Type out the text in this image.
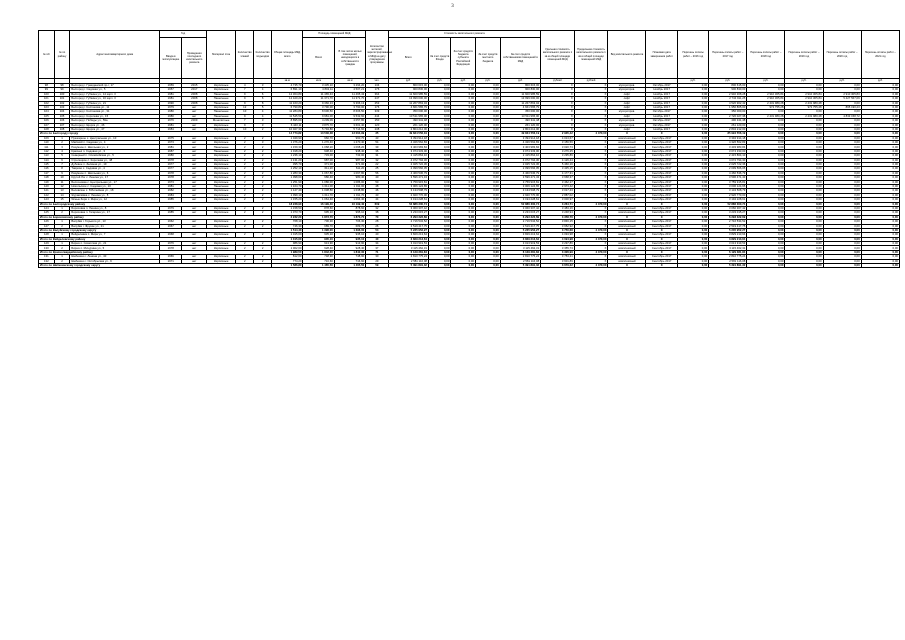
3
№ п/п	№ по району	Адрес многоквартирного дома	Год		Материал стен	Количество этажей	Количество подъездов	Общая площадь МКД, всего	Площадь помещений МКД		Количество жителей, зарегистрированных в МКД на дату утверждения программы	Стоимость капитального ремонта					Удельная стоимость капитального ремонта 1 кв.м общей площади помещений МКД	Предельная стоимость капитального ремонта 1 кв.м общей площади помещений МКД	Вид капитального ремонта	Плановая дата завершения работ	Перечень оплаты работ – 2016 год	Перечень оплаты работ – 2017 год	Перечень оплаты работ – 2018 год	Перечень оплаты работ – 2019 год	Перечень оплаты работ – 2020 год	Перечень оплаты работ – 2021 год
			Ввода в эксплуатацию	Проведения последнего капитального ремонта					Всего	В том числе жилых помещений, находящихся в собственности граждан		Всего	За счет средств Фонда	За счет средств бюджета субъекта Российской Федерации	За счет средств местного бюджета	За счет средств собственников помещений в МКД										
								кв.м	кв.м	кв.м	чел.	руб.	руб.	руб.	руб.	руб.	рублей	рублей			руб.	руб.	руб.	руб.	руб.	руб.
98	98	Белгород г. Гражданский пр-т, 17	1959	2015	Кирпичные	4	3	4 735,70	3 435,10	3 294,20	134	800 615,00	0,00	0,00	0,00	800 615,00	X	X	мусоропров.	Октябрь 2017	0,00	800 615,00	0,00	0,00	0,00	0,00
99	99	Белгород г. Садовая ул., 5	1957	2017	Кирпичные	7	4	6 891,10	4 802,11	4 507,21	176	900 830,00	0,00	0,00	0,00	900 830,00	X	X	мусоропров.	Ноябрь 2017	0,00	900 830,00	0,00	0,00	0,00	0,00
100	100	Белгород г. Губкина ул., 14 корп. 3	1981	2008	Панельные	9	6	12 304,80	11 465,43	11 465,43	364	11 600 985,59	0,00	0,00	0,00	11 600 985,59	X	X	лифт	Ноябрь 2017	0,00	2 940 308,28	2 910 305,84	2 910 305,84	2 910 305,83	0,00
101	101	Белгород г. Губкина ул., 16 корп. 3	1981	2008	Панельные	9	6	12 420,20	11 371,70	11 371,70	247	13 999 000,00	0,00	0,00	0,00	13 999 000,00	X	X	лифт	Ноябрь 2017	0,00	2 734 911,25	2 910 305,84	2 910 305,84	5 427 567,09	0,00
102	102	Белгород г. Губкина ул., 21	1990	2008	Панельные	9	8	11 163,20	9 366,13	9 366,13	253	11 267 863,04	0,00	0,00	0,00	11 267 863,04	X	X	лифт	Ноябрь 2017	0,00	4 520 902,42	2 431 980,28	2 431 980,28	0,00	0,00
103	103	Белгород г. Костюкова ул., 11	1979	нет	Кирпичные	12	5	6 790,80	3 790,00	3 790,00	176	4 661 565,79	0,00	0,00	0,00	4 661 565,79	X	X	лифт	Ноябрь 2017	0,00	1 950 865,00	972 755,28	972 755,28	865 190,23	0,00
104	104	Белгород г. Костюкова ул., 31	1980	нет	Панельные	10	4	11 284,80	8 606,50	8 606,50	339	350 000,00	0,00	0,00	0,00	350 000,00	X	X	мусоропров.	Октябрь 2017	0,00	350 000,00	0,00	0,00	0,00	0,00
105	105	Белгород г. Королева ул., 15	1980	нет	Панельные	9	4	11 545,50	9 981,00	9 532,60	444	13 511 965,00	0,00	0,00	0,00	13 511 965,00	X	X	лифт	Ноябрь 2017	0,00	2 720 027,38	2 431 980,28	2 431 980,28	4 833 158,72	0,00
106	106	Белгород г. Победы ул., 59а	1976	2009	Монолитные	7	3	8 895,60	4 209,09	4 057,80	150	490 341,48	0,00	0,00	0,00	490 341,48	X	X	мусоропров.	Октябрь 2017	0,00	490 341,48	0,00	0,00	0,00	0,00
107	107	Белгород г. Щорса ул., 46	1981	нет	Кирпичные	9	3	6 440,11	3 875,70	3 601,40	120	261 120,00	0,00	0,00	0,00	261 120,00	X	X	мусоропров.	Октябрь 2017	0,00	261 120,00	0,00	0,00	0,00	0,00
108	108	Белгород г. Щорса ул., 47	1984	нет	Кирпичные	10	2	10 027,30	5 794,80	5 714,60	238	2 804 212,00	0,00	0,00	0,00	2 804 212,00	X	X	лифт	Ноябрь 2017	0,00	2 804 212,00	0,00	0,00	0,00	0,00
Итого по Белгороду городу								14 773,82	13 536,38	13 064,99	35	49 834 556,19	0,00	0,00	0,00	49 834 556,19	2 935,42	4 470,00	X	X	0,00	85 994 556,19	0,00	0,00	0,00	0,00
109	1	Пушкарное с. Центральная ул., 10	1975	нет	Кирпичные	2	2	1 049,90	960,70	960,70	43	3 394 914,18	0,00	0,00	0,00	3 394 914,18	4 013,67	X	комплексный	Сентябрь 2017	0,00	3 394 914,18	0,00	0,00	0,00	0,00
110	2	Майский п. Садовая ул., 4	1973	нет	Кирпичные	2	3	1 376,20	1 270,40	1 270,40	54	4 326 562,83	0,00	0,00	0,00	4 326 562,83	3 156,56	X	комплексный	Сентябрь 2017	0,00	4 326 562,83	0,00	0,00	0,00	0,00
111	3	Разумное п. Школьная ул., 2	1981	нет	Панельные	2	2	1 159,30	1 068,20	1 068,20	39	3 403 983,84	0,00	0,00	0,00	3 403 983,84	3 020,73	X	комплексный	Сентябрь 2017	0,00	3 403 983,84	0,00	0,00	0,00	0,00
112	4	Краснеё п. Садовая ул., 3	1987	нет	Панельные	2	2	1 018,20	938,40	938,40	36	3 074 333,00	0,00	0,00	0,00	3 074 333,00	3 276,25	X	комплексный	Сентябрь 2017	0,00	3 074 333,00	0,00	0,00	0,00	0,00
113	5	Северный п. Олимпийская ул., 5	1980	нет	Кирпичные	2	2	1 236,10	733,00	733,00	31	2 415 864,10	0,00	0,00	0,00	2 415 864,10	3 295,86	X	комплексный	Сентябрь 2017	0,00	2 415 864,10	0,00	0,00	0,00	0,00
114	6	Стрелецкое с. Королева ул., 48	1978	нет	Кирпичные	2	2	1 131,20	987,00	987,00	32	4 072 794,30	0,00	0,00	0,00	4 072 794,30	4 126,44	X	комплексный	Сентябрь 2017	0,00	4 072 794,30	0,00	0,00	0,00	0,00
115	7	Дубовое п. Зелёная ул., 19	1977	нет	Кирпичные	2	2	395,70	371,00	371,00	22	2 025 722,36	0,00	0,00	0,00	2 025 722,36	5 460,16	X	комплексный	Сентябрь 2017	0,00	2 025 722,36	0,00	0,00	0,00	0,00
116	8	Таврово с. Садовая ул., 4	1977	нет	Кирпичные	2	2	1 252,10	611,20	611,20	25	2 099 566,05	0,00	0,00	0,00	2 099 566,05	3 435,15	X	комплексный	Сентябрь 2017	0,00	2 099 566,05	0,00	0,00	0,00	0,00
117	9	Разумное п. Школьная ул., 6	1978	нет	Кирпичные	2	2	1 283,30	1 067,80	1 067,80	56	4 460 536,79	0,00	0,00	0,00	4 460 536,79	4 177,31	X	комплексный	Сентябрь 2017	0,00	4 460 536,79	0,00	0,00	0,00	0,00
118	10	Крутой Лог с. Ленина ул., 17	1978	нет	Кирпичные	2	2	1 098,60	980,40	980,40	40	3 596 471,43	0,00	0,00	0,00	3 596 471,43	3 668,37	X	комплексный	Сентябрь 2017	0,00	3 596 471,43	0,00	0,00	0,00	0,00
119	11	Бессоновка с. Центральная ул., 17	1973	нет	Кирпичные	2	2	1 251,90	1 086,00	1 086,00	50	3 759 915,81	0,00	0,00	0,00	3 759 915,81	3 462,17	X	комплексный	Сентябрь 2017	0,00	3 759 915,81	0,00	0,00	0,00	0,00
120	12	Никольское с. Садовая ул., 10	1981	нет	Панельные	2	2	1 104,70	1 011,00	1 011,00	48	3 006 124,65	0,00	0,00	0,00	3 006 124,65	2 973,42	X	комплексный	Сентябрь 2017	0,00	3 006 124,65	0,00	0,00	0,00	0,00
121	13	Беловское с. Юбилейная ул., 18	1982	нет	Кирпичные	2	2	1 127,40	1 038,80	1 038,80	46	3 134 508,79	0,00	0,00	0,00	3 134 508,79	3 017,43	X	комплексный	Сентябрь 2017	0,00	3 134 508,79	0,00	0,00	0,00	0,00
122	14	Журавлёвка с. Ленина ул., 8	1984	нет	Кирпичные	2	2	1 099,10	1 011,70	1 011,70	43	2 920 770,00	0,00	0,00	0,00	2 920 770,00	2 887,02	X	комплексный	Сентябрь 2017	0,00	2 920 770,00	0,00	0,00	0,00	0,00
123	15	Ясные Зори с. Мира ул., 12	1985	нет	Кирпичные	2	2	1 155,20	1 064,40	1 064,40	44	3 194 228,61	0,00	0,00	0,00	3 194 228,61	3 000,97	X	комплексный	Сентябрь 2017	0,00	3 194 228,61	0,00	0,00	0,00	0,00
Итого по Белгородскому району								18 238,90	16 199,40	16 199,40	609	52 886 300,74	0,00	0,00	0,00	52 886 300,74	3 264,71	4 470,00	X	X	0,00	52 886 300,74	0,00	0,00	0,00	0,00
124	1	Борисовка п. Ленина ул., 8	1979	нет	Кирпичные	2	2	1 158,50	878,60	878,60	32	3 060 307,42	0,00	0,00	0,00	3 060 307,42	3 483,16	X	комплексный	Сентябрь 2017	0,00	3 060 307,42	0,00	0,00	0,00	0,00
125	2	Борисовка п. Гагарина ул., 17	1985	нет	Кирпичные	2	2	1 073,70	995,10	995,10	38	3 233 015,27	0,00	0,00	0,00	3 233 015,27	3 248,94	X	комплексный	Сентябрь 2017	0,00	3 233 015,27	0,00	0,00	0,00	0,00
Итого по Борисовскому району								2 232,20	1 873,70	1 873,70	70	6 293 322,69	0,00	0,00	0,00	6 293 322,69	3 358,76	4 470,00	X	X	0,00	6 293 322,69	0,00	0,00	0,00	0,00
126	1	Валуйки г. Горького ул., 13	1962	нет	Кирпичные	2	2	768,10	706,30	706,30	28	2 716 534,52	0,00	0,00	0,00	2 716 534,52	3 846,15	X	комплексный	Сентябрь 2017	0,00	2 716 534,52	0,00	0,00	0,00	0,00
127	2	Валуйки г. Фрунзе ул., 21	1967	нет	Кирпичные	2	2	746,30	689,70	689,70	26	2 519 417,75	0,00	0,00	0,00	2 519 417,75	3 652,92	X	комплексный	Сентябрь 2017	0,00	2 519 417,75	0,00	0,00	0,00	0,00
Итого по Валуйскому городскому округу								1 514,40	1 396,00	1 396,00	54	5 235 952,27	0,00	0,00	0,00	5 235 952,27	3 750,68	4 470,00	X	X	0,00	5 235 952,27	0,00	0,00	0,00	0,00
128	1	Вейделевка п. Мира ул., 7	1968	нет	Кирпичные	2	2	1 015,60	935,10	935,10	40	3 829 213,64	0,00	0,00	0,00	3 829 213,64	4 094,98	X	комплексный	Сентябрь 2017	0,00	3 829 213,64	0,00	0,00	0,00	0,00
Итого по Вейделевскому району								1 015,60	935,10	935,10	40	3 829 213,64	0,00	0,00	0,00	3 829 213,64	4 094,98	4 470,00	X	X	0,00	3 829 213,64	0,00	0,00	0,00	0,00
129	1	Бирюч п. Советская ул., 21	1976	нет	Кирпичные	2	2	986,90	913,90	913,90	34	3 013 919,53	0,00	0,00	0,00	3 013 919,53	3 297,86	X	комплексный	Сентябрь 2017	0,00	3 013 919,53	0,00	0,00	0,00	0,00
130	2	Бирюч п. Мичурина ул., 5	1978	нет	Кирпичные	2	2	1 002,60	928,40	928,40	37	3 115 462,31	0,00	0,00	0,00	3 115 462,31	3 355,73	X	комплексный	Сентябрь 2017	0,00	3 115 462,31	0,00	0,00	0,00	0,00
Итого по Красногвардейскому району								1 989,50	1 842,30	1 842,30	71	6 129 381,84	0,00	0,00	0,00	6 129 381,84	3 326,99	4 470,00	X	X	0,00	6 129 381,84	0,00	0,00	0,00	0,00
131	1	Шебекино г. Ленина ул., 40	1966	нет	Кирпичные	2	2	812,60	748,90	748,90	30	2 810 775,24	0,00	0,00	0,00	2 810 775,24	3 753,21	X	комплексный	Сентябрь 2017	0,00	2 810 775,24	0,00	0,00	0,00	0,00
132	2	Шебекино г. Октябрьская ул., 9	1971	нет	Кирпичные	2	2	774,20	716,60	716,60	29	2 581 116,08	0,00	0,00	0,00	2 581 116,08	3 601,89	X	комплексный	Сентябрь 2017	0,00	2 581 116,08	0,00	0,00	0,00	0,00
Итого по Шебекинскому городскому округу								1 586,80	1 465,50	1 465,50	59	5 391 891,32	0,00	0,00	0,00	5 391 891,32	3 679,22	4 470,00	X	X	0,00	5 391 891,32	0,00	0,00	0,00	0,00
